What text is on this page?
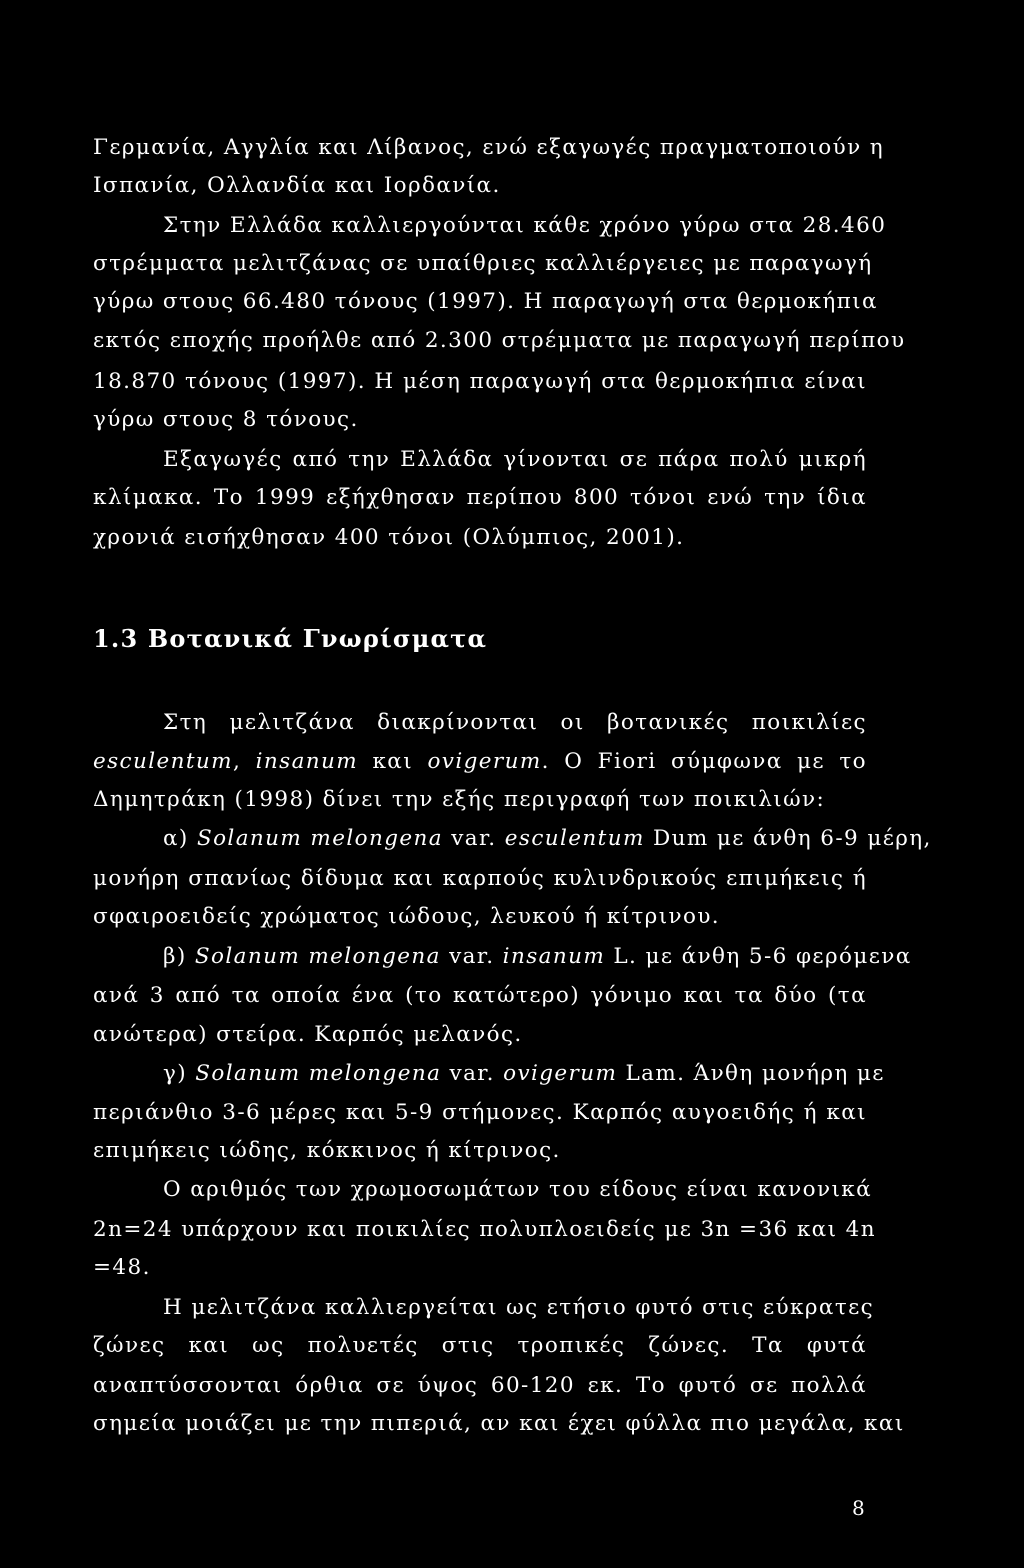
Γερμανία, Αγγλία και Λίβανος, ενώ εξαγωγές πραγματοποιούν η
Ισπανία, Ολλανδία και Ιορδανία.
Στην Ελλάδα καλλιεργούνται κάθε χρόνο γύρω στα 28.460
στρέμματα μελιτζάνας σε υπαίθριες καλλιέργειες με παραγωγή
γύρω στους 66.480 τόνους (1997). Η παραγωγή στα θερμοκήπια
εκτός εποχής προήλθε από 2.300 στρέμματα με παραγωγή περίπου
18.870 τόνους (1997). Η μέση παραγωγή στα θερμοκήπια είναι
γύρω στους 8 τόνους.
Εξαγωγές από την Ελλάδα γίνονται σε πάρα πολύ μικρή
κλίμακα. Το 1999 εξήχθησαν περίπου 800 τόνοι ενώ την ίδια
χρονιά εισήχθησαν 400 τόνοι (Ολύμπιος, 2001).
1.3 Βοτανικά Γνωρίσματα
Στη μελιτζάνα διακρίνονται οι βοτανικές ποικιλίες
esculentum, insanum και ovigerum. Ο Fiori σύμφωνα με το
Δημητράκη (1998) δίνει την εξής περιγραφή των ποικιλιών:
α) Solanum melongena var. esculentum Dum με άνθη 6-9 μέρη,
μονήρη σπανίως δίδυμα και καρπούς κυλινδρικούς επιμήκεις ή
σφαιροειδείς χρώματος ιώδους, λευκού ή κίτρινου.
β) Solanum melongena var. insanum L. με άνθη 5-6 φερόμενα
ανά 3 από τα οποία ένα (το κατώτερο) γόνιμο και τα δύο (τα
ανώτερα) στείρα. Καρπός μελανός.
γ) Solanum melongena var. ovigerum Lam. Άνθη μονήρη με
περιάνθιο 3-6 μέρες και 5-9 στήμονες. Καρπός αυγοειδής ή και
επιμήκεις ιώδης, κόκκινος ή κίτρινος.
Ο αριθμός των χρωμοσωμάτων του είδους είναι κανονικά
2n=24 υπάρχουν και ποικιλίες πολυπλοειδείς με 3n =36 και 4n
=48.
Η μελιτζάνα καλλιεργείται ως ετήσιο φυτό στις εύκρατες
ζώνες και ως πολυετές στις τροπικές ζώνες. Τα φυτά
αναπτύσσονται όρθια σε ύψος 60-120 εκ. Το φυτό σε πολλά
σημεία μοιάζει με την πιπεριά, αν και έχει φύλλα πιο μεγάλα, και
8
